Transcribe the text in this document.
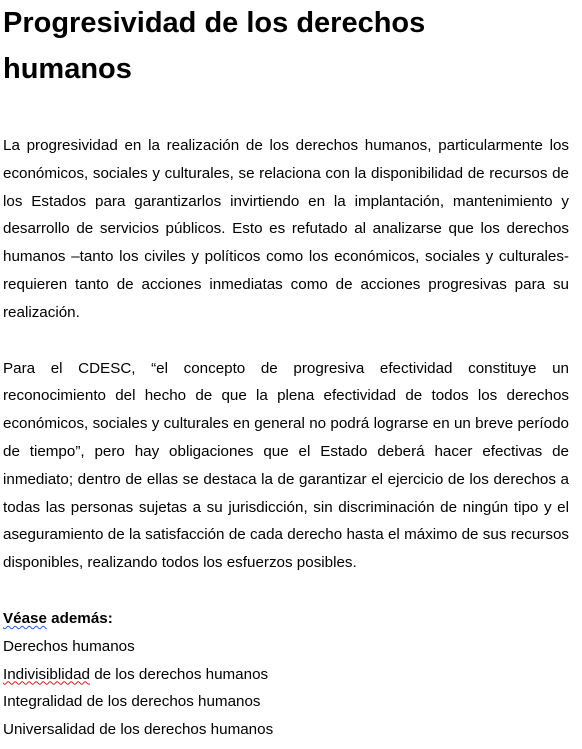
Progresividad de los derechos
humanos

La progresividad en la realización de los derechos humanos, particularmente los económicos, sociales y culturales, se relaciona con la disponibilidad de recursos de los Estados para garantizarlos invirtiendo en la implantación, mantenimiento y desarrollo de servicios públicos. Esto es refutado al analizarse que los derechos humanos –tanto los civiles y políticos como los económicos, sociales y culturales- requieren tanto de acciones inmediatas como de acciones progresivas para su realización.

Para el CDESC, “el concepto de progresiva efectividad constituye un reconocimiento del hecho de que la plena efectividad de todos los derechos económicos, sociales y culturales en general no podrá lograrse en un breve período de tiempo”, pero hay obligaciones que el Estado deberá hacer efectivas de inmediato; dentro de ellas se destaca la de garantizar el ejercicio de los derechos a todas las personas sujetas a su jurisdicción, sin discriminación de ningún tipo y el aseguramiento de la satisfacción de cada derecho hasta el máximo de sus recursos disponibles, realizando todos los esfuerzos posibles.

Véase además:
Derechos humanos
Indivisiblidad de los derechos humanos
Integralidad de los derechos humanos
Universalidad de los derechos humanos
